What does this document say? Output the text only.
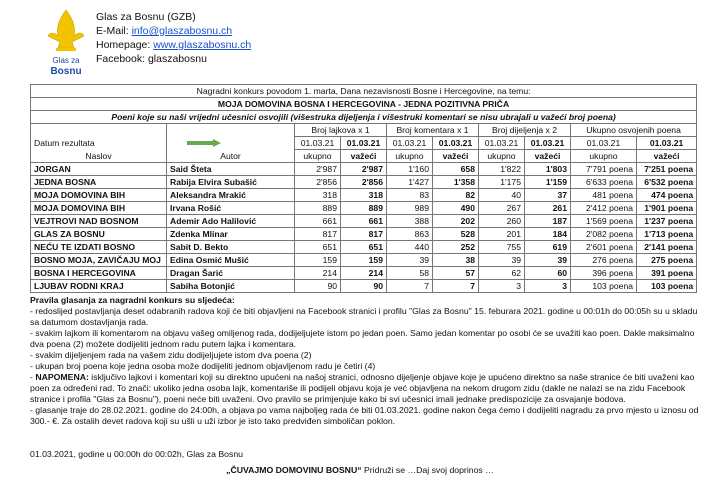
Glas za
Bosnu
Glas za Bosnu (GZB)
E-Mail: info@glaszabosnu.ch
Homepage: www.glaszabosnu.ch
Facebook: glaszabosnu
Nagradni konkurs povodom 1. marta, Dana nezavisnosti Bosne i Hercegovine, na temu:									
MOJA DOMOVINA BOSNA I HERCEGOVINA - JEDNA POZITIVNA PRIČA									
Poeni koje su naši vrijedni učesnici osvojili (višestruka dijeljenja i višestruki komentari se nisu ubrajali u važeći broj poena)									
		Broj lajkova x 1		Broj komentara x 1		Broj dijeljenja x 2		Ukupno osvojenih poena	
Datum rezultata		01.03.21	01.03.21	01.03.21	01.03.21	01.03.21	01.03.21	01.03.21	01.03.21
Naslov	Autor	ukupno	važeći	ukupno	važeći	ukupno	važeći	ukupno	važeći
JORGAN	Said Šteta	2'987	2'987	1'160	658	1'822	1'803	7'791 poena	7'251 poena
JEDNA BOSNA	Rabija Elvira Subašić	2'856	2'856	1'427	1'358	1'175	1'159	6'633 poena	6'532 poena
MOJA DOMOVINA BIH	Aleksandra Mrakić	318	318	83	82	40	37	481 poena	474 poena
MOJA DOMOVINA BIH	Irvana Rošić	889	889	989	490	267	261	2'412 poena	1'901 poena
VEJTROVI NAD BOSNOM	Ademir Ado Halilović	661	661	388	202	260	187	1'569 poena	1'237 poena
GLAS ZA BOSNU	Zdenka Mlinar	817	817	863	528	201	184	2'082 poena	1'713 poena
NEĆU TE IZDATI BOSNO	Sabit D. Bekto	651	651	440	252	755	619	2'601 poena	2'141 poena
BOSNO MOJA, ZAVIČAJU MOJ	Edina Osmić Mušić	159	159	39	38	39	39	276 poena	275 poena
BOSNA I HERCEGOVINA	Dragan Šarić	214	214	58	57	62	60	396 poena	391 poena
LJUBAV RODNI KRAJ	Sabiha Botonjić	90	90	7	7	3	3	103 poena	103 poena
Pravila glasanja za nagradni konkurs su sljedeća:
- redoslijed postavljanja deset odabranih radova koji će biti objavljeni na Facebook stranici i profilu "Glas za Bosnu" 15. feburara 2021. godine u 00:01h do 00:05h su u skladu sa datumom dostavljanja rada.
- svakim lajkom ili komentarom na objavu vašeg omiljenog rada, dodijeljujete istom po jedan poen. Samo jedan komentar po osobi će se uvažiti kao poen. Dakle maksimalno dva poena (2) možete dodijeliti jednom radu putem lajka i komentara.
- svakim dijeljenjem rada na vašem zidu dodijeljujete istom dva poena (2)
- ukupan broj poena koje jedna osoba može dodijeliti jednom objavljenom radu je četiri (4)
- NAPOMENA: isključivo lajkovi i komentari koji su direktno upućeni na našoj stranici, odnosno dijeljenje objave koje je upućeno direktno sa naše stranice će biti uvaženi kao poen za određeni rad. To znači: ukoliko jedna osoba lajk, komentariše ili podijeli objavu koja je već objavljena na nekom drugom zidu (dakle ne nalazi se na zidu Facebook stranice i profila "Glas za Bosnu"), poeni neće biti uvaženi. Ovo pravilo se primjenjuje kako bi svi učesnici imali jednake predispozicije za osvajanje bodova.
- glasanje traje do 28.02.2021. godine do 24:00h, a objava po vama najboljeg rada će biti 01.03.2021. godine nakon čega ćemo i dodijeliti nagradu za prvo mjesto u iznosu od 300.- €. Za ostalih devet radova koji su ušli u uži izbor je isto tako predviđen simboličan poklon.
01.03.2021, godine u 00:00h do 00:02h, Glas za Bosnu
„ČUVAJMO DOMOVINU BOSNU“ Pridruži se …Daj svoj doprinos …
